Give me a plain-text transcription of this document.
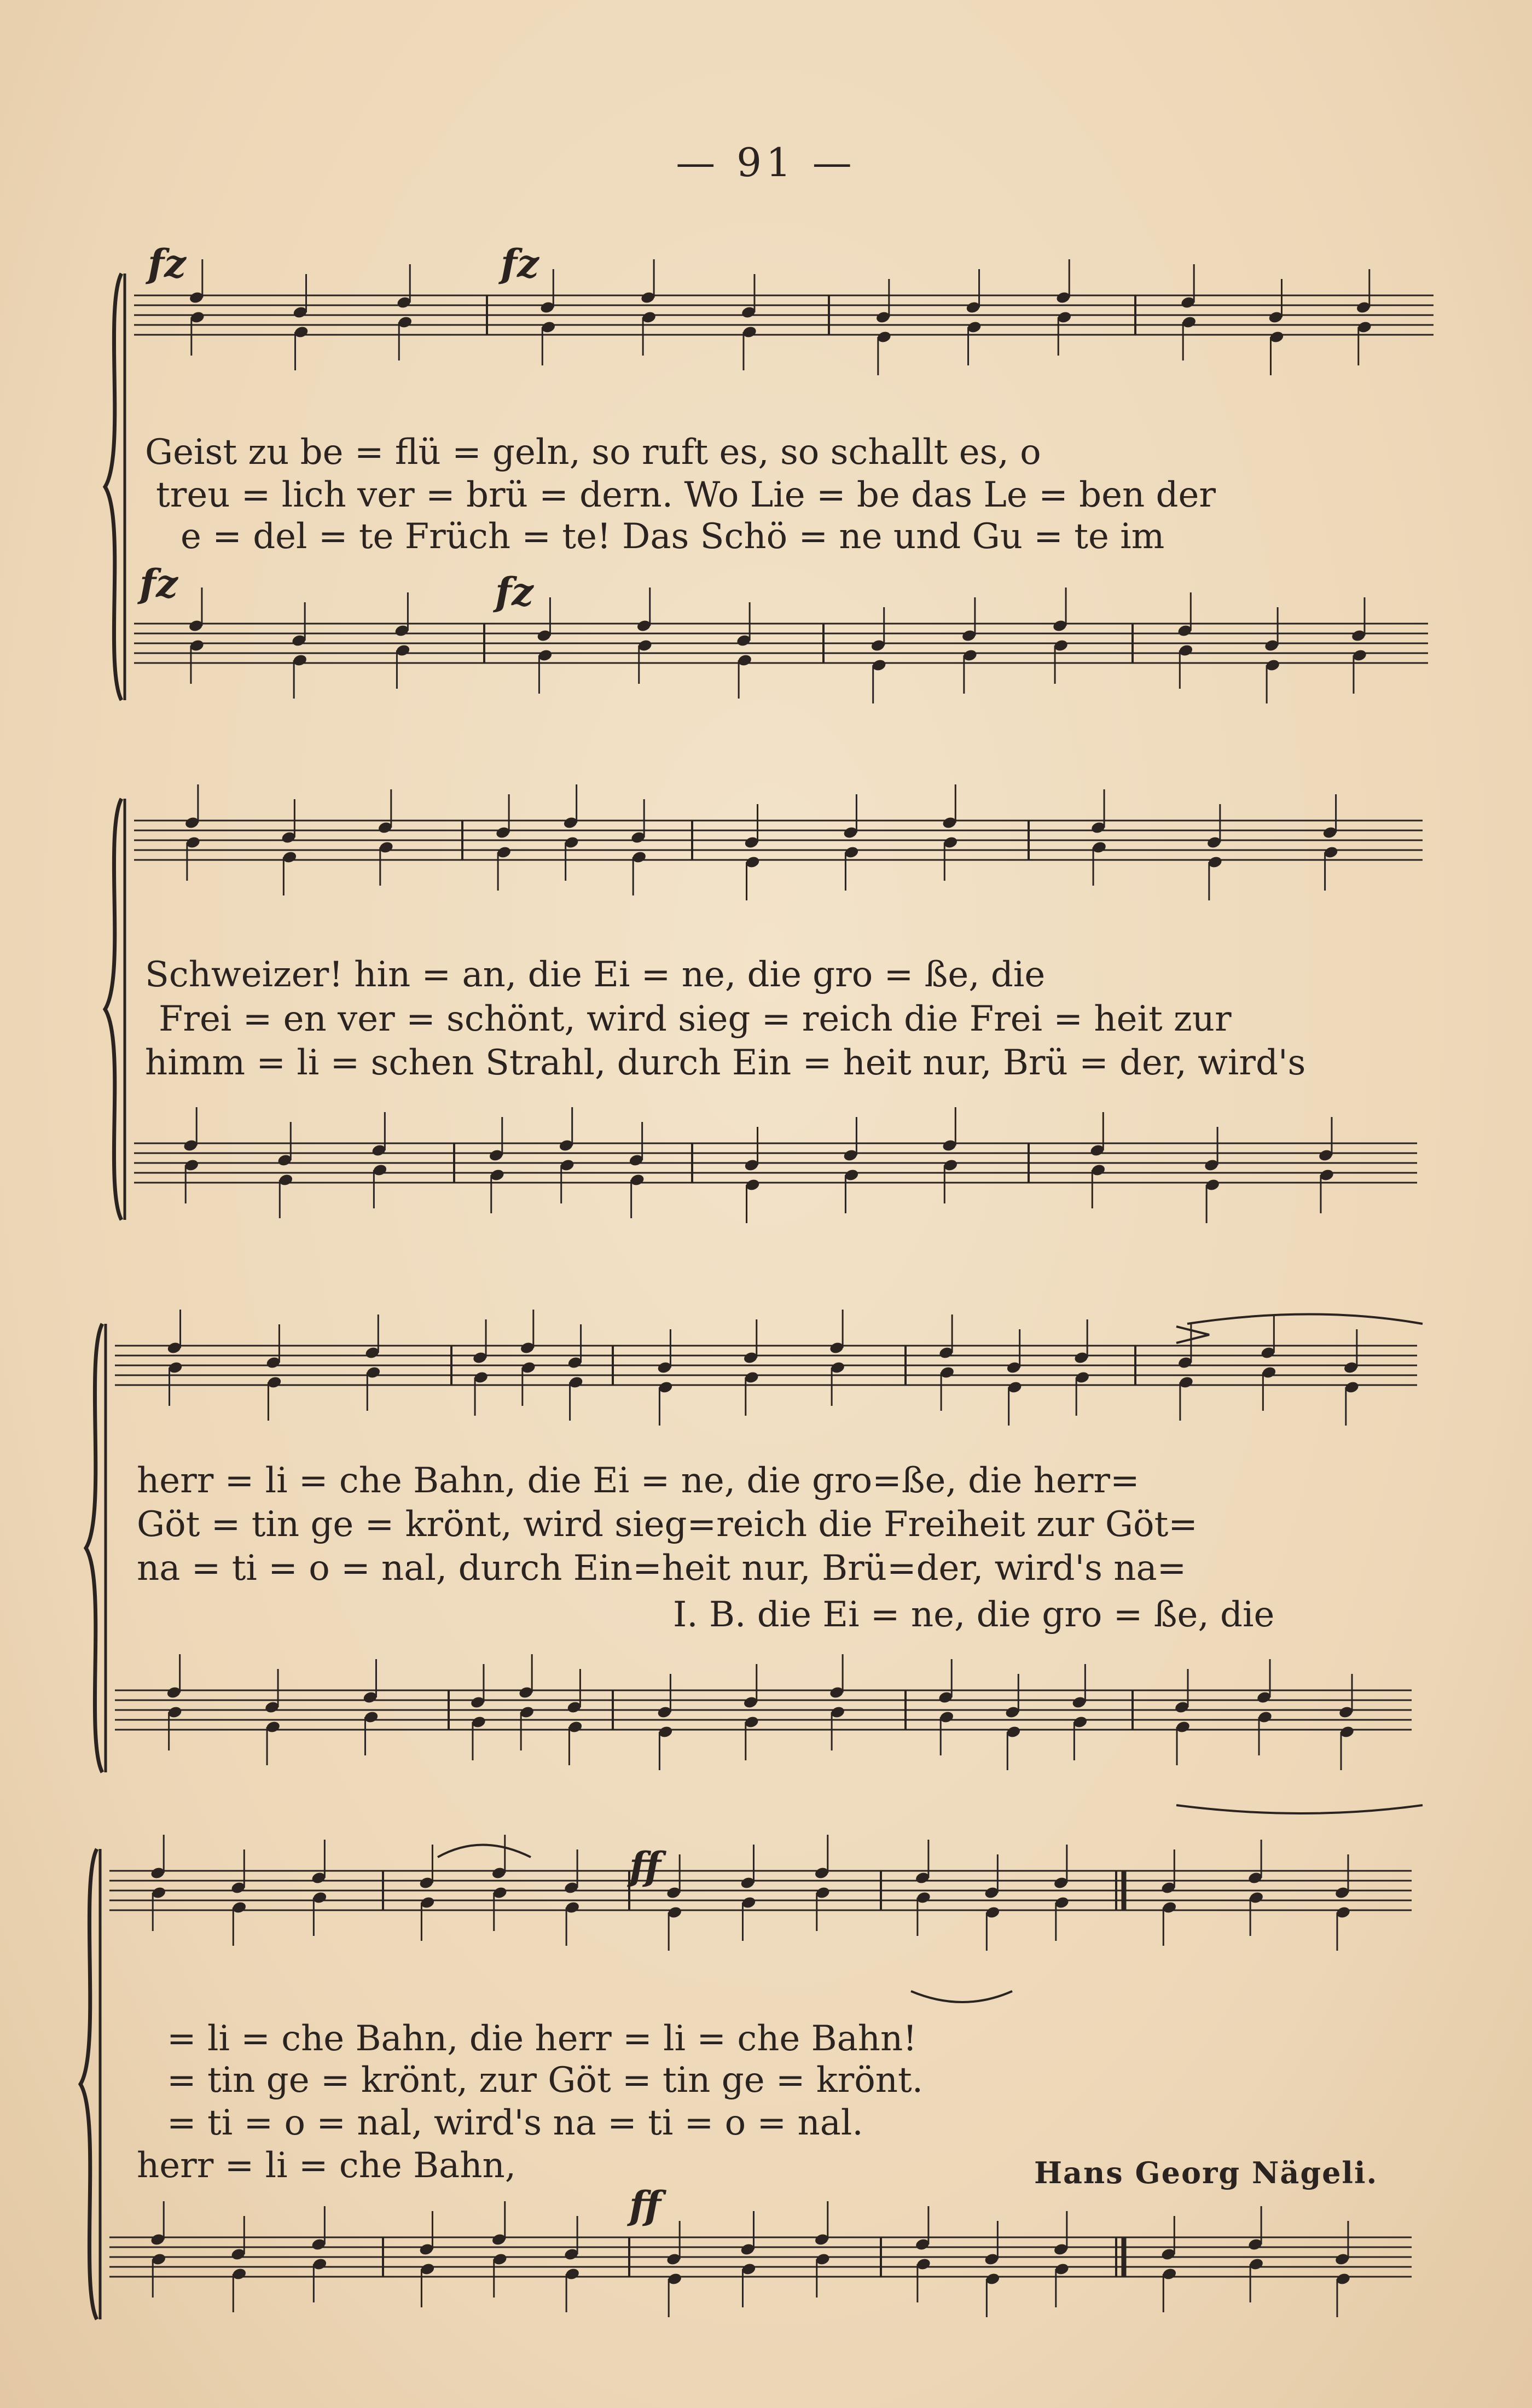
— 91 —
fz	fz
fz	fz
ff
ff
Geist zu be = flü = geln, so ruft es, so schallt es, o
treu = lich ver = brü = dern. Wo Lie = be das Le = ben der
e = del = te Früch = te! Das Schö = ne und Gu = te im
Schweizer! hin = an, die Ei = ne, die gro = ße, die
Frei = en ver = schönt, wird sieg = reich die Frei = heit zur
himm = li = schen Strahl, durch Ein = heit nur, Brü = der, wird's
herr = li = che Bahn, die Ei = ne, die gro=ße, die herr=
Göt = tin ge = krönt, wird sieg=reich die Freiheit zur Göt=
na = ti = o = nal, durch Ein=heit nur, Brü=der, wird's na=
I. B. die Ei = ne, die gro = ße, die
= li = che Bahn, die herr = li = che Bahn!
= tin ge = krönt, zur Göt = tin ge = krönt.
= ti = o = nal, wird's na = ti = o = nal.
herr = li = che Bahn,	Hans Georg Nägeli.
